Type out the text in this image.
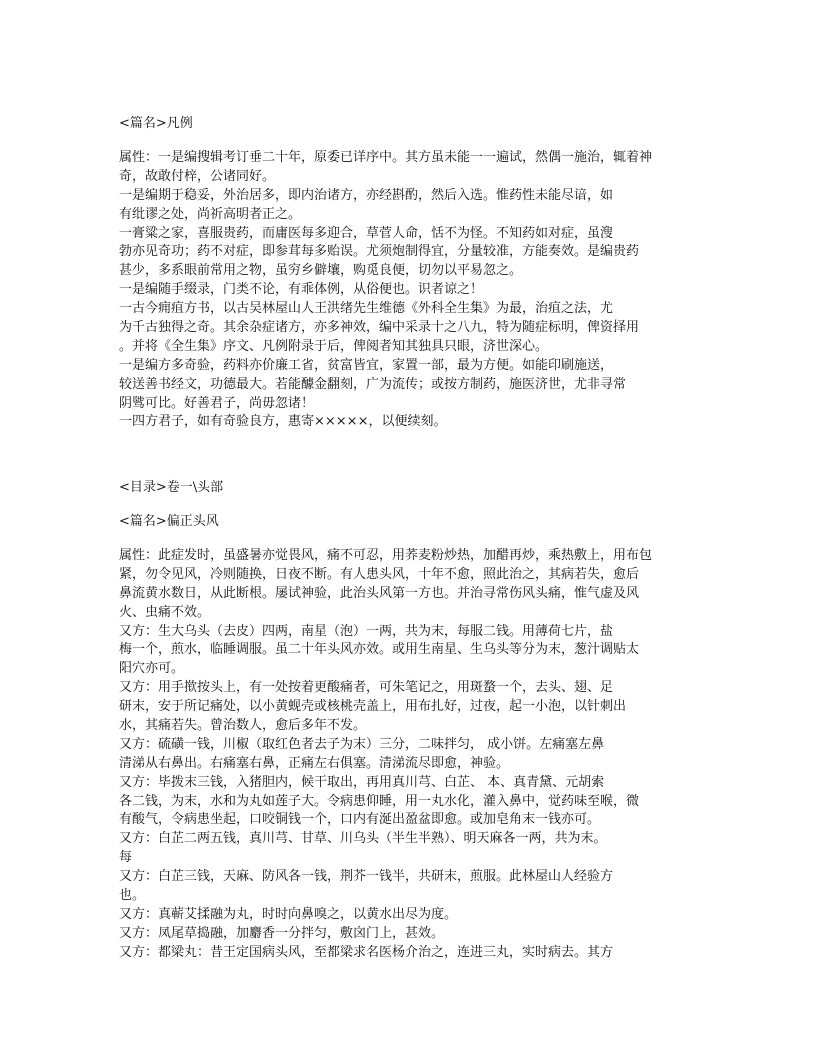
<篇名>凡例
属性：一是编搜辑考订垂二十年，原委已详序中。其方虽未能一一遍试，然偶一施治，辄着神
奇，故敢付梓，公诸同好。
一是编期于稳妥，外治居多，即内治诸方，亦经斟酌，然后入选。惟药性未能尽谙，如
有纰谬之处，尚祈高明者正之。
一膏粱之家，喜服贵药，而庸医每多迎合，草菅人命，恬不为怪。不知药如对症，虽溲
勃亦见奇功；药不对症，即参茸每多贻误。尤须炮制得宜，分量较准，方能奏效。是编贵药
甚少，多系眼前常用之物，虽穷乡僻壤，购觅良便，切勿以平易忽之。
一是编随手缀录，门类不论，有乖体例，从俗便也。识者谅之！
一古今痈疽方书，以古吴林屋山人王洪绪先生维德《外科全生集》为最，治疽之法，尤
为千古独得之奇。其余杂症诸方，亦多神效，编中采录十之八九，特为随症标明，俾资择用
。并将《全生集》序文、凡例附录于后，俾阅者知其独具只眼，济世深心。
一是编方多奇验，药料亦价廉工省，贫富皆宜，家置一部，最为方便。如能印刷施送，
较送善书经文，功德最大。若能醵金翻刻，广为流传；或按方制药，施医济世，尤非寻常
阴骘可比。好善君子，尚毋忽诸！
一四方君子，如有奇验良方，惠寄×××××，以便续刻。
<目录>卷一\头部
<篇名>偏正头风
属性：此症发时，虽盛暑亦觉畏风，痛不可忍，用荞麦粉炒热，加醋再炒，乘热敷上，用布包
紧，勿令见风，冷则随换，日夜不断。有人患头风，十年不愈，照此治之，其病若失，愈后
鼻流黄水数日，从此断根。屡试神验，此治头风第一方也。并治寻常伤风头痛，惟气虚及风
火、虫痛不效。
又方：生大乌头（去皮）四两，南星（泡）一两，共为末，每服二钱。用薄荷七片，盐
梅一个，煎水，临睡调服。虽二十年头风亦效。或用生南星、生乌头等分为末，葱汁调贴太
阳穴亦可。
又方：用手揿按头上，有一处按着更酸痛者，可朱笔记之，用斑蝥一个，去头、翅、足
研末，安于所记痛处，以小黄蚬壳或核桃壳盖上，用布扎好，过夜，起一小泡，以针刺出
水，其痛若失。曾治数人，愈后多年不发。
又方：硫磺一钱，川椒（取红色者去子为末）三分，二味拌匀， 成小饼。左痛塞左鼻
清涕从右鼻出。右痛塞右鼻，正痛左右俱塞。清涕流尽即愈，神验。
又方：毕拨末三钱，入猪胆内，候干取出，再用真川芎、白芷、 本、真青黛、元胡索
各二钱，为末，水和为丸如莲子大。令病患仰睡，用一丸水化，灌入鼻中，觉药味至喉，微
有酸气，令病患坐起，口咬铜钱一个，口内有涎出盈盆即愈。或加皂角末一钱亦可。
又方：白芷二两五钱，真川芎、甘草、川乌头（半生半熟）、明天麻各一两，共为末。
每
又方：白芷三钱，天麻、防风各一钱，荆芥一钱半，共研末，煎服。此林屋山人经验方
也。
又方：真蕲艾揉融为丸，时时向鼻嗅之，以黄水出尽为度。
又方：凤尾草捣融，加麝香一分拌匀，敷囟门上，甚效。
又方：都梁丸：昔王定国病头风，至都梁求名医杨介治之，连进三丸，实时病去。其方
